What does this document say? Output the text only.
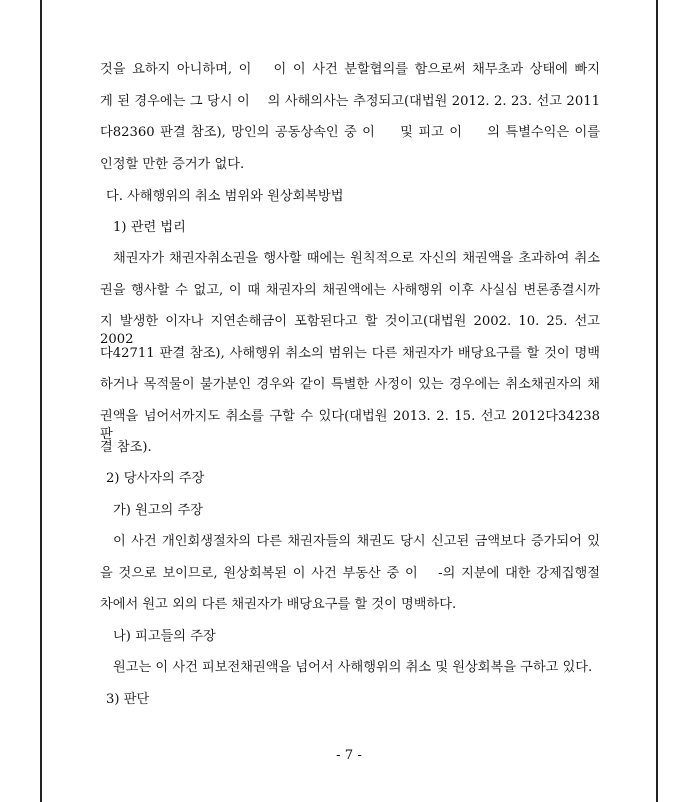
것을 요하지 아니하며, 이 　이 이 사건 분할협의를 함으로써 채무초과 상태에 빠지
게 된 경우에는 그 당시 이 　의 사해의사는 추정되고(대법원 2012. 2. 23. 선고 2011
다82360 판결 참조), 망인의 공동상속인 중 이 　 및 피고 이 　 의 특별수익은 이를
인정할 만한 증거가 없다.
다. 사해행위의 취소 범위와 원상회복방법
1) 관련 법리
채권자가 채권자취소권을 행사할 때에는 원칙적으로 자신의 채권액을 초과하여 취소
권을 행사할 수 없고, 이 때 채권자의 채권액에는 사해행위 이후 사실심 변론종결시까
지 발생한 이자나 지연손해금이 포함된다고 할 것이고(대법원 2002. 10. 25. 선고 2002
다42711 판결 참조), 사해행위 취소의 범위는 다른 채권자가 배당요구를 할 것이 명백
하거나 목적물이 불가분인 경우와 같이 특별한 사정이 있는 경우에는 취소채권자의 채
권액을 넘어서까지도 취소를 구할 수 있다(대법원 2013. 2. 15. 선고 2012다34238 판
결 참조).
2) 당사자의 주장
가) 원고의 주장
이 사건 개인회생절차의 다른 채권자들의 채권도 당시 신고된 금액보다 증가되어 있
을 것으로 보이므로, 원상회복된 이 사건 부동산 중 이 　-의 지분에 대한 강제집행절
차에서 원고 외의 다른 채권자가 배당요구를 할 것이 명백하다.
나) 피고들의 주장
원고는 이 사건 피보전채권액을 넘어서 사해행위의 취소 및 원상회복을 구하고 있다.
3) 판단
- 7 -
